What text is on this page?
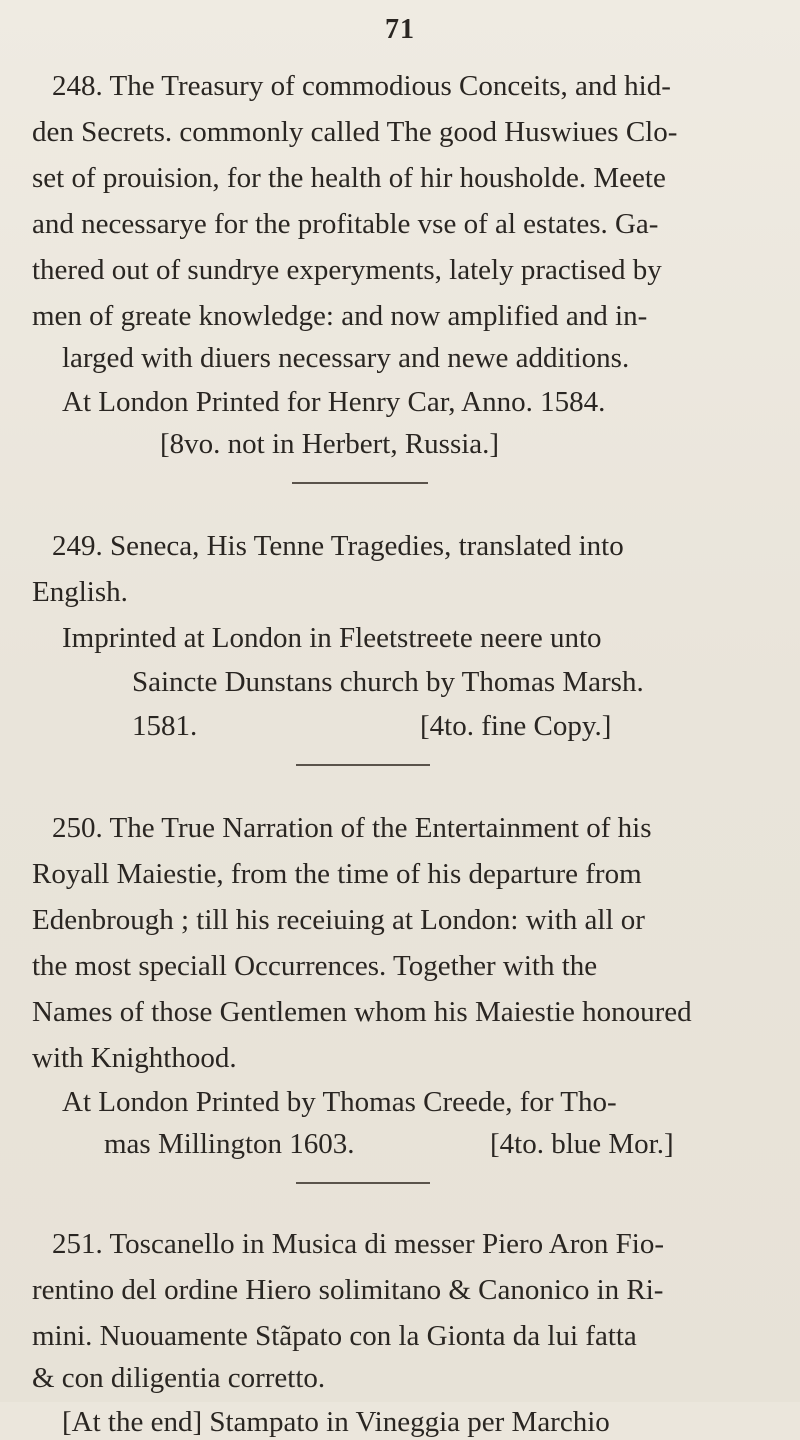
71
248. The Treasury of commodious Conceits, and hid-
den Secrets. commonly called The good Huswiues Clo-
set of prouision, for the health of hir housholde. Meete
and necessarye for the profitable vse of al estates. Ga-
thered out of sundrye experyments, lately practised by
men of greate knowledge: and now amplified and in-
larged with diuers necessary and newe additions.
At London Printed for Henry Car, Anno. 1584.
[8vo. not in Herbert, Russia.]
249. Seneca, His Tenne Tragedies, translated into
English.
Imprinted at London in Fleetstreete neere unto
Saincte Dunstans church by Thomas Marsh.
1581.	[4to. fine Copy.]
250. The True Narration of the Entertainment of his
Royall Maiestie, from the time of his departure from
Edenbrough ; till his receiuing at London: with all or
the most speciall Occurrences. Together with the
Names of those Gentlemen whom his Maiestie honoured
with Knighthood.
At London Printed by Thomas Creede, for Tho-
mas Millington 1603.	[4to. blue Mor.]
251. Toscanello in Musica di messer Piero Aron Fio-
rentino del ordine Hiero solimitano & Canonico in Ri-
mini. Nuouamente Stãpato con la Gionta da lui fatta
& con diligentia corretto.
[At the end] Stampato in Vineggia per Marchio
